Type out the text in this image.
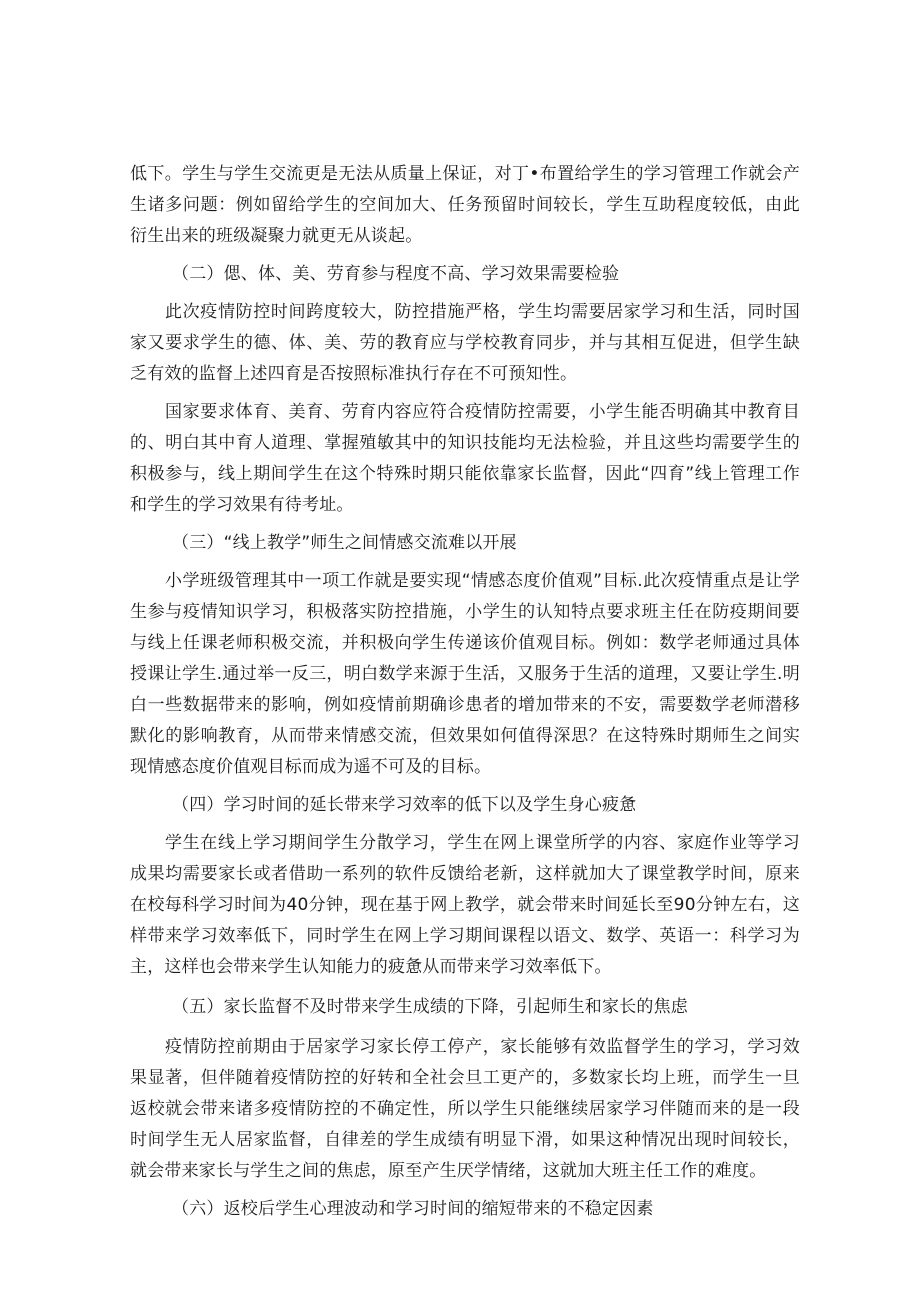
低下。学生与学生交流更是无法从质量上保证，对丁•布置给学生的学习管理工作就会产生诸多问题：例如留给学生的空间加大、任务预留时间较长，学生互助程度较低，由此衍生出来的班级凝聚力就更无从谈起。

（二）偲、体、美、劳育参与程度不高、学习效果需要检验

此次疫情防控时间跨度较大，防控措施严格，学生均需要居家学习和生活，同时国家又要求学生的德、体、美、劳的教育应与学校教育同步，并与其相互促进，但学生缺乏有效的监督上述四育是否按照标准执行存在不可预知性。

国家要求体育、美育、劳育内容应符合疫情防控需要，小学生能否明确其中教育目的、明白其中育人道理、掌握殖敏其中的知识技能均无法检验，并且这些均需要学生的积极参与，线上期间学生在这个特殊时期只能依靠家长监督，因此“四育”线上管理工作和学生的学习效果有待考址。

（三）“线上教学”师生之间情感交流难以开展

小学班级管理其中一项工作就是要实现“情感态度价值观”目标.此次疫情重点是让学生参与疫情知识学习，积极落实防控措施，小学生的认知特点要求班主任在防疫期间要与线上任课老师积极交流，并积极向学生传递该价值观目标。例如：数学老师通过具体授课让学生.通过举一反三，明白数学来源于生活，又服务于生活的道理，又要让学生.明白一些数据带来的影响，例如疫情前期确诊患者的增加带来的不安，需要数学老师潜移默化的影响教育，从而带来情感交流，但效果如何值得深思？在这特殊时期师生之间实现情感态度价值观目标而成为遥不可及的目标。

（四）学习时间的延长带来学习效率的低下以及学生身心疲惫

学生在线上学习期间学生分散学习，学生在网上课堂所学的内容、家庭作业等学习成果均需要家长或者借助一系列的软件反馈给老新，这样就加大了课堂教学时间，原来在校每科学习时间为40分钟，现在基于网上教学，就会带来时间延长至90分钟左右，这样带来学习效率低下，同时学生在网上学习期间课程以语文、数学、英语一：科学习为主，这样也会带来学生认知能力的疲惫从而带来学习效率低下。

（五）家长监督不及时带来学生成绩的下降，引起师生和家长的焦虑

疫情防控前期由于居家学习家长停工停产，家长能够有效监督学生的学习，学习效果显著，但伴随着疫情防控的好转和全社会旦工更产的，多数家长均上班，而学生一旦返校就会带来诸多疫情防控的不确定性，所以学生只能继续居家学习伴随而来的是一段时间学生无人居家监督，自律差的学生成绩有明显下滑，如果这种情况出现时间较长，就会带来家长与学生之间的焦虑，原至产生厌学情绪，这就加大班主任工作的难度。

（六）返校后学生心理波动和学习时间的缩短带来的不稳定因素
